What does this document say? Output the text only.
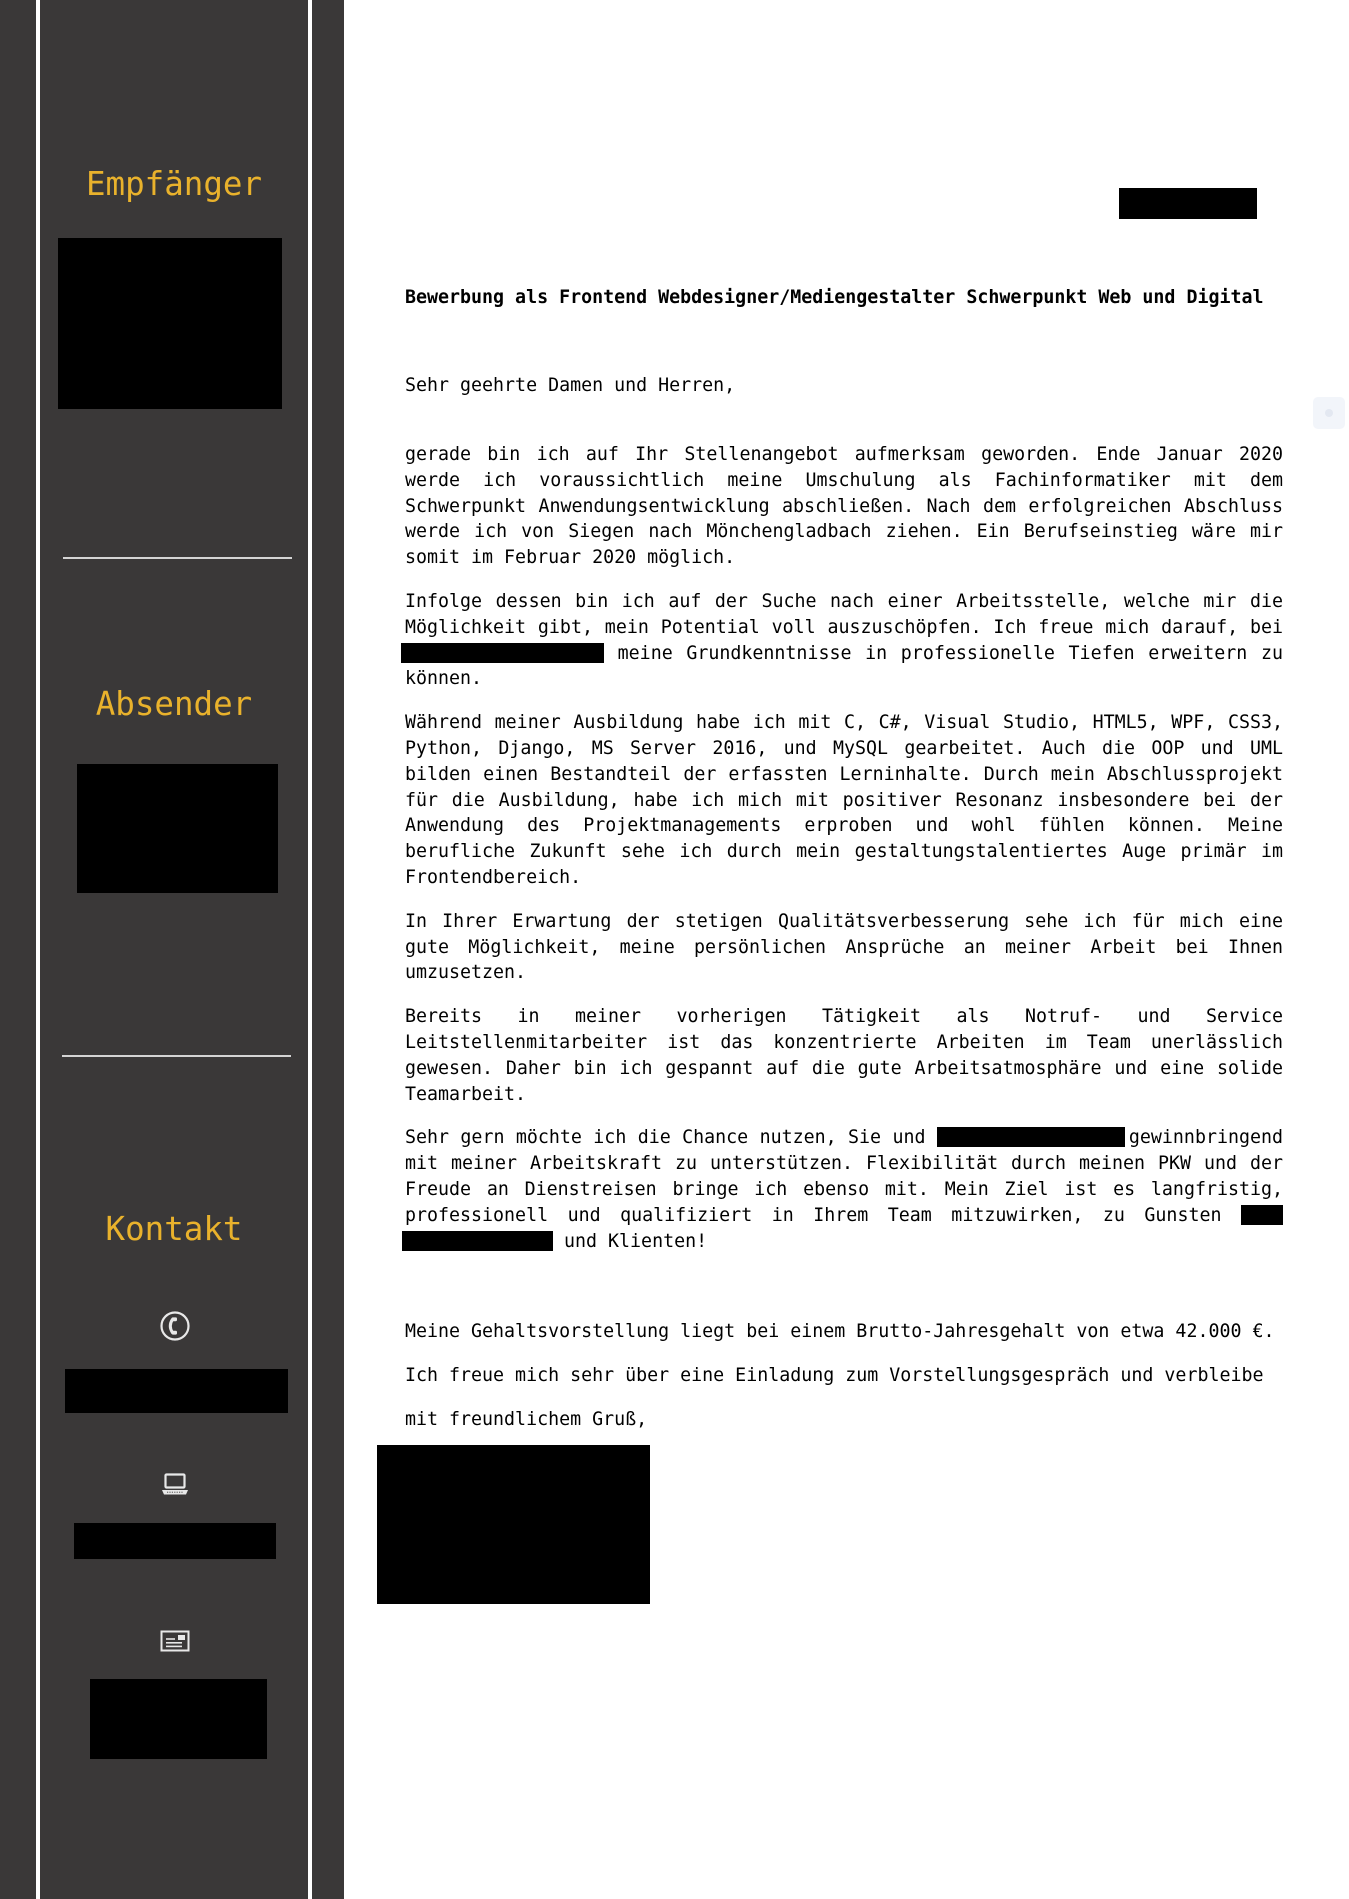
Empfänger
Absender
Kontakt
Bewerbung als Frontend Webdesigner/Mediengestalter Schwerpunkt Web und Digital
Sehr geehrte Damen und Herren,
gerade bin ich auf Ihr Stellenangebot aufmerksam geworden. Ende Januar 2020
werde ich voraussichtlich meine Umschulung als Fachinformatiker mit dem
Schwerpunkt Anwendungsentwicklung abschließen. Nach dem erfolgreichen Abschluss
werde ich von Siegen nach Mönchengladbach ziehen. Ein Berufseinstieg wäre mir
somit im Februar 2020 möglich.
Infolge dessen bin ich auf der Suche nach einer Arbeitsstelle, welche mir die
Möglichkeit gibt, mein Potential voll auszuschöpfen. Ich freue mich darauf, bei
meine Grundkenntnisse in professionelle Tiefen erweitern zu
können.
Während meiner Ausbildung habe ich mit C, C#, Visual Studio, HTML5, WPF, CSS3,
Python, Django, MS Server 2016, und MySQL gearbeitet. Auch die OOP und UML
bilden einen Bestandteil der erfassten Lerninhalte. Durch mein Abschlussprojekt
für die Ausbildung, habe ich mich mit positiver Resonanz insbesondere bei der
Anwendung des Projektmanagements erproben und wohl fühlen können. Meine
berufliche Zukunft sehe ich durch mein gestaltungstalentiertes Auge primär im
Frontendbereich.
In Ihrer Erwartung der stetigen Qualitätsverbesserung sehe ich für mich eine
gute Möglichkeit, meine persönlichen Ansprüche an meiner Arbeit bei Ihnen
umzusetzen.
Bereits in meiner vorherigen Tätigkeit als Notruf- und Service
Leitstellenmitarbeiter ist das konzentrierte Arbeiten im Team unerlässlich
gewesen. Daher bin ich gespannt auf die gute Arbeitsatmosphäre und eine solide
Teamarbeit.
Sehr gern möchte ich die Chance nutzen, Sie und	gewinnbringend
mit meiner Arbeitskraft zu unterstützen. Flexibilität durch meinen PKW und der
Freude an Dienstreisen bringe ich ebenso mit. Mein Ziel ist es langfristig,
professionell und qualifiziert in Ihrem Team mitzuwirken, zu Gunsten
und Klienten!
Meine Gehaltsvorstellung liegt bei einem Brutto-Jahresgehalt von etwa 42.000 €.
Ich freue mich sehr über eine Einladung zum Vorstellungsgespräch und verbleibe
mit freundlichem Gruß,
